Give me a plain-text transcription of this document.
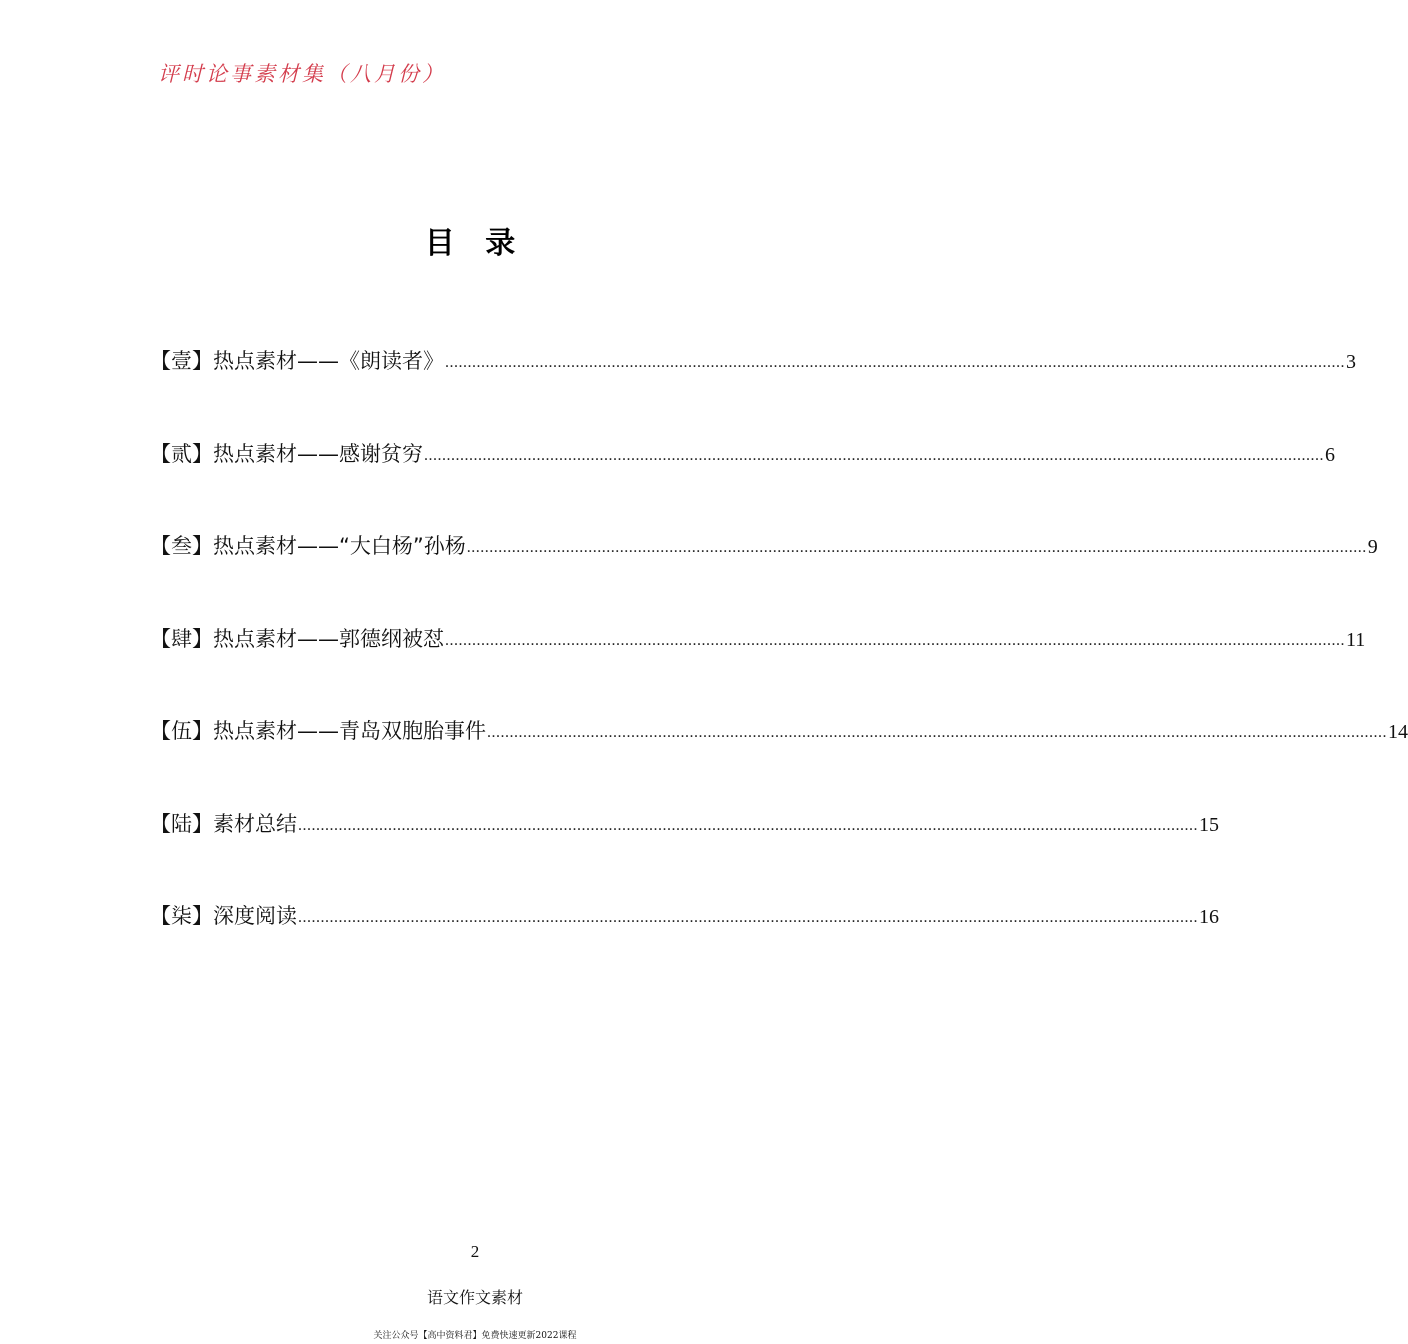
评时论事素材集（八月份）
目 录
【壹】热点素材——《朗读者》 ........................................................................................................................................................................................................ 3
【贰】热点素材——感谢贫穷 ........................................................................................................................................................................................................ 6
【叁】热点素材——“大白杨”孙杨 ........................................................................................................................................................................................................ 9
【肆】热点素材——郭德纲被怼 ........................................................................................................................................................................................................ 11
【伍】热点素材——青岛双胞胎事件 ........................................................................................................................................................................................................ 14
【陆】素材总结 ........................................................................................................................................................................................................ 15
【柒】深度阅读 ........................................................................................................................................................................................................ 16
2
语文作文素材
关注公众号【高中资料君】免费快速更新2022课程
